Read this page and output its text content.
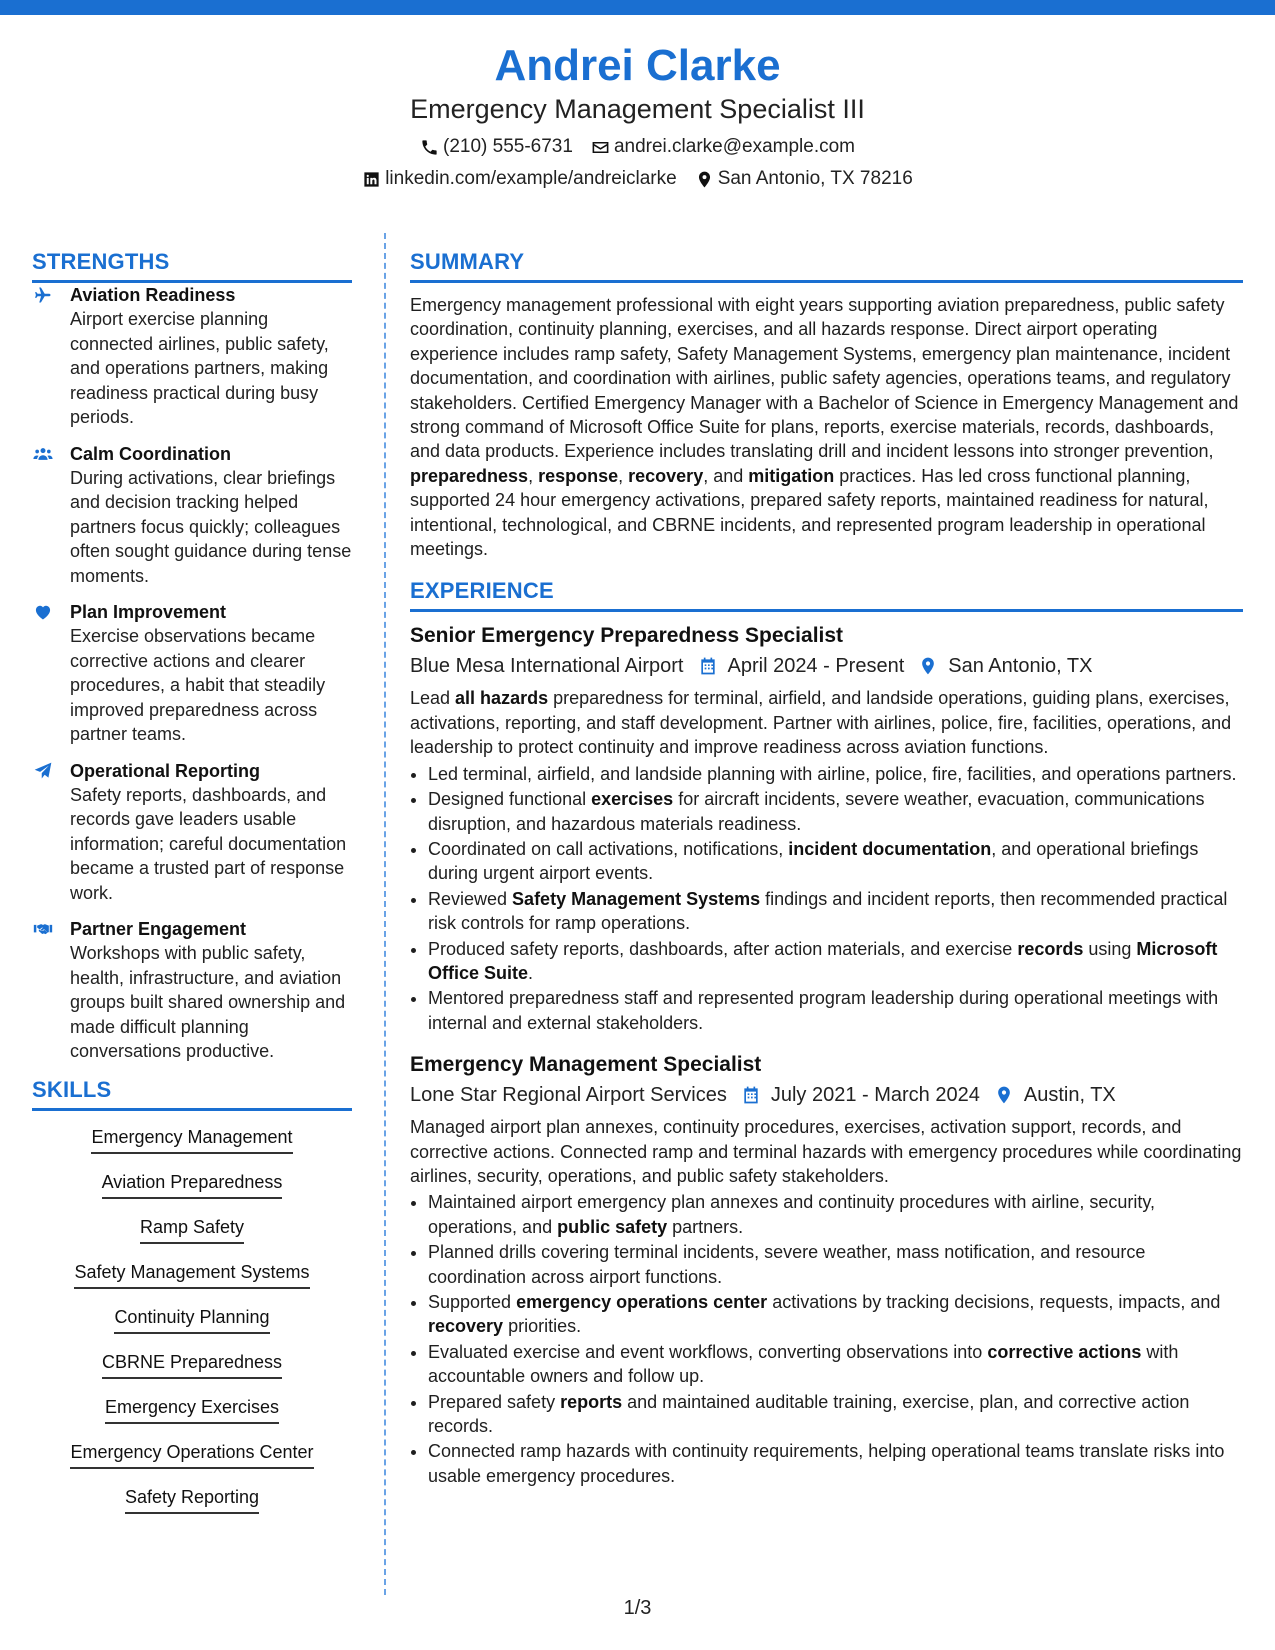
Andrei Clarke
Emergency Management Specialist III
(210) 555-6731 andrei.clarke@example.com
linkedin.com/example/andreiclarke San Antonio, TX 78216
STRENGTHS
Aviation Readiness
Airport exercise planning connected airlines, public safety, and operations partners, making readiness practical during busy periods.
Calm Coordination
During activations, clear briefings and decision tracking helped partners focus quickly; colleagues often sought guidance during tense moments.
Plan Improvement
Exercise observations became corrective actions and clearer procedures, a habit that steadily improved preparedness across partner teams.
Operational Reporting
Safety reports, dashboards, and records gave leaders usable information; careful documentation became a trusted part of response work.
Partner Engagement
Workshops with public safety, health, infrastructure, and aviation groups built shared ownership and made difficult planning conversations productive.
SKILLS
Emergency Management
Aviation Preparedness
Ramp Safety
Safety Management Systems
Continuity Planning
CBRNE Preparedness
Emergency Exercises
Emergency Operations Center
Safety Reporting
SUMMARY
Emergency management professional with eight years supporting aviation preparedness, public safety coordination, continuity planning, exercises, and all hazards response. Direct airport operating experience includes ramp safety, Safety Management Systems, emergency plan maintenance, incident documentation, and coordination with airlines, public safety agencies, operations teams, and regulatory stakeholders. Certified Emergency Manager with a Bachelor of Science in Emergency Management and strong command of Microsoft Office Suite for plans, reports, exercise materials, records, dashboards, and data products. Experience includes translating drill and incident lessons into stronger prevention, preparedness, response, recovery, and mitigation practices. Has led cross functional planning, supported 24 hour emergency activations, prepared safety reports, maintained readiness for natural, intentional, technological, and CBRNE incidents, and represented program leadership in operational meetings.
EXPERIENCE
Senior Emergency Preparedness Specialist
Blue Mesa International Airport April 2024 - Present San Antonio, TX
Lead all hazards preparedness for terminal, airfield, and landside operations, guiding plans, exercises, activations, reporting, and staff development. Partner with airlines, police, fire, facilities, operations, and leadership to protect continuity and improve readiness across aviation functions.
• Led terminal, airfield, and landside planning with airline, police, fire, facilities, and operations partners.
• Designed functional exercises for aircraft incidents, severe weather, evacuation, communications disruption, and hazardous materials readiness.
• Coordinated on call activations, notifications, incident documentation, and operational briefings during urgent airport events.
• Reviewed Safety Management Systems findings and incident reports, then recommended practical risk controls for ramp operations.
• Produced safety reports, dashboards, after action materials, and exercise records using Microsoft Office Suite.
• Mentored preparedness staff and represented program leadership during operational meetings with internal and external stakeholders.
Emergency Management Specialist
Lone Star Regional Airport Services July 2021 - March 2024 Austin, TX
Managed airport plan annexes, continuity procedures, exercises, activation support, records, and corrective actions. Connected ramp and terminal hazards with emergency procedures while coordinating airlines, security, operations, and public safety stakeholders.
• Maintained airport emergency plan annexes and continuity procedures with airline, security, operations, and public safety partners.
• Planned drills covering terminal incidents, severe weather, mass notification, and resource coordination across airport functions.
• Supported emergency operations center activations by tracking decisions, requests, impacts, and recovery priorities.
• Evaluated exercise and event workflows, converting observations into corrective actions with accountable owners and follow up.
• Prepared safety reports and maintained auditable training, exercise, plan, and corrective action records.
• Connected ramp hazards with continuity requirements, helping operational teams translate risks into usable emergency procedures.
1/3
